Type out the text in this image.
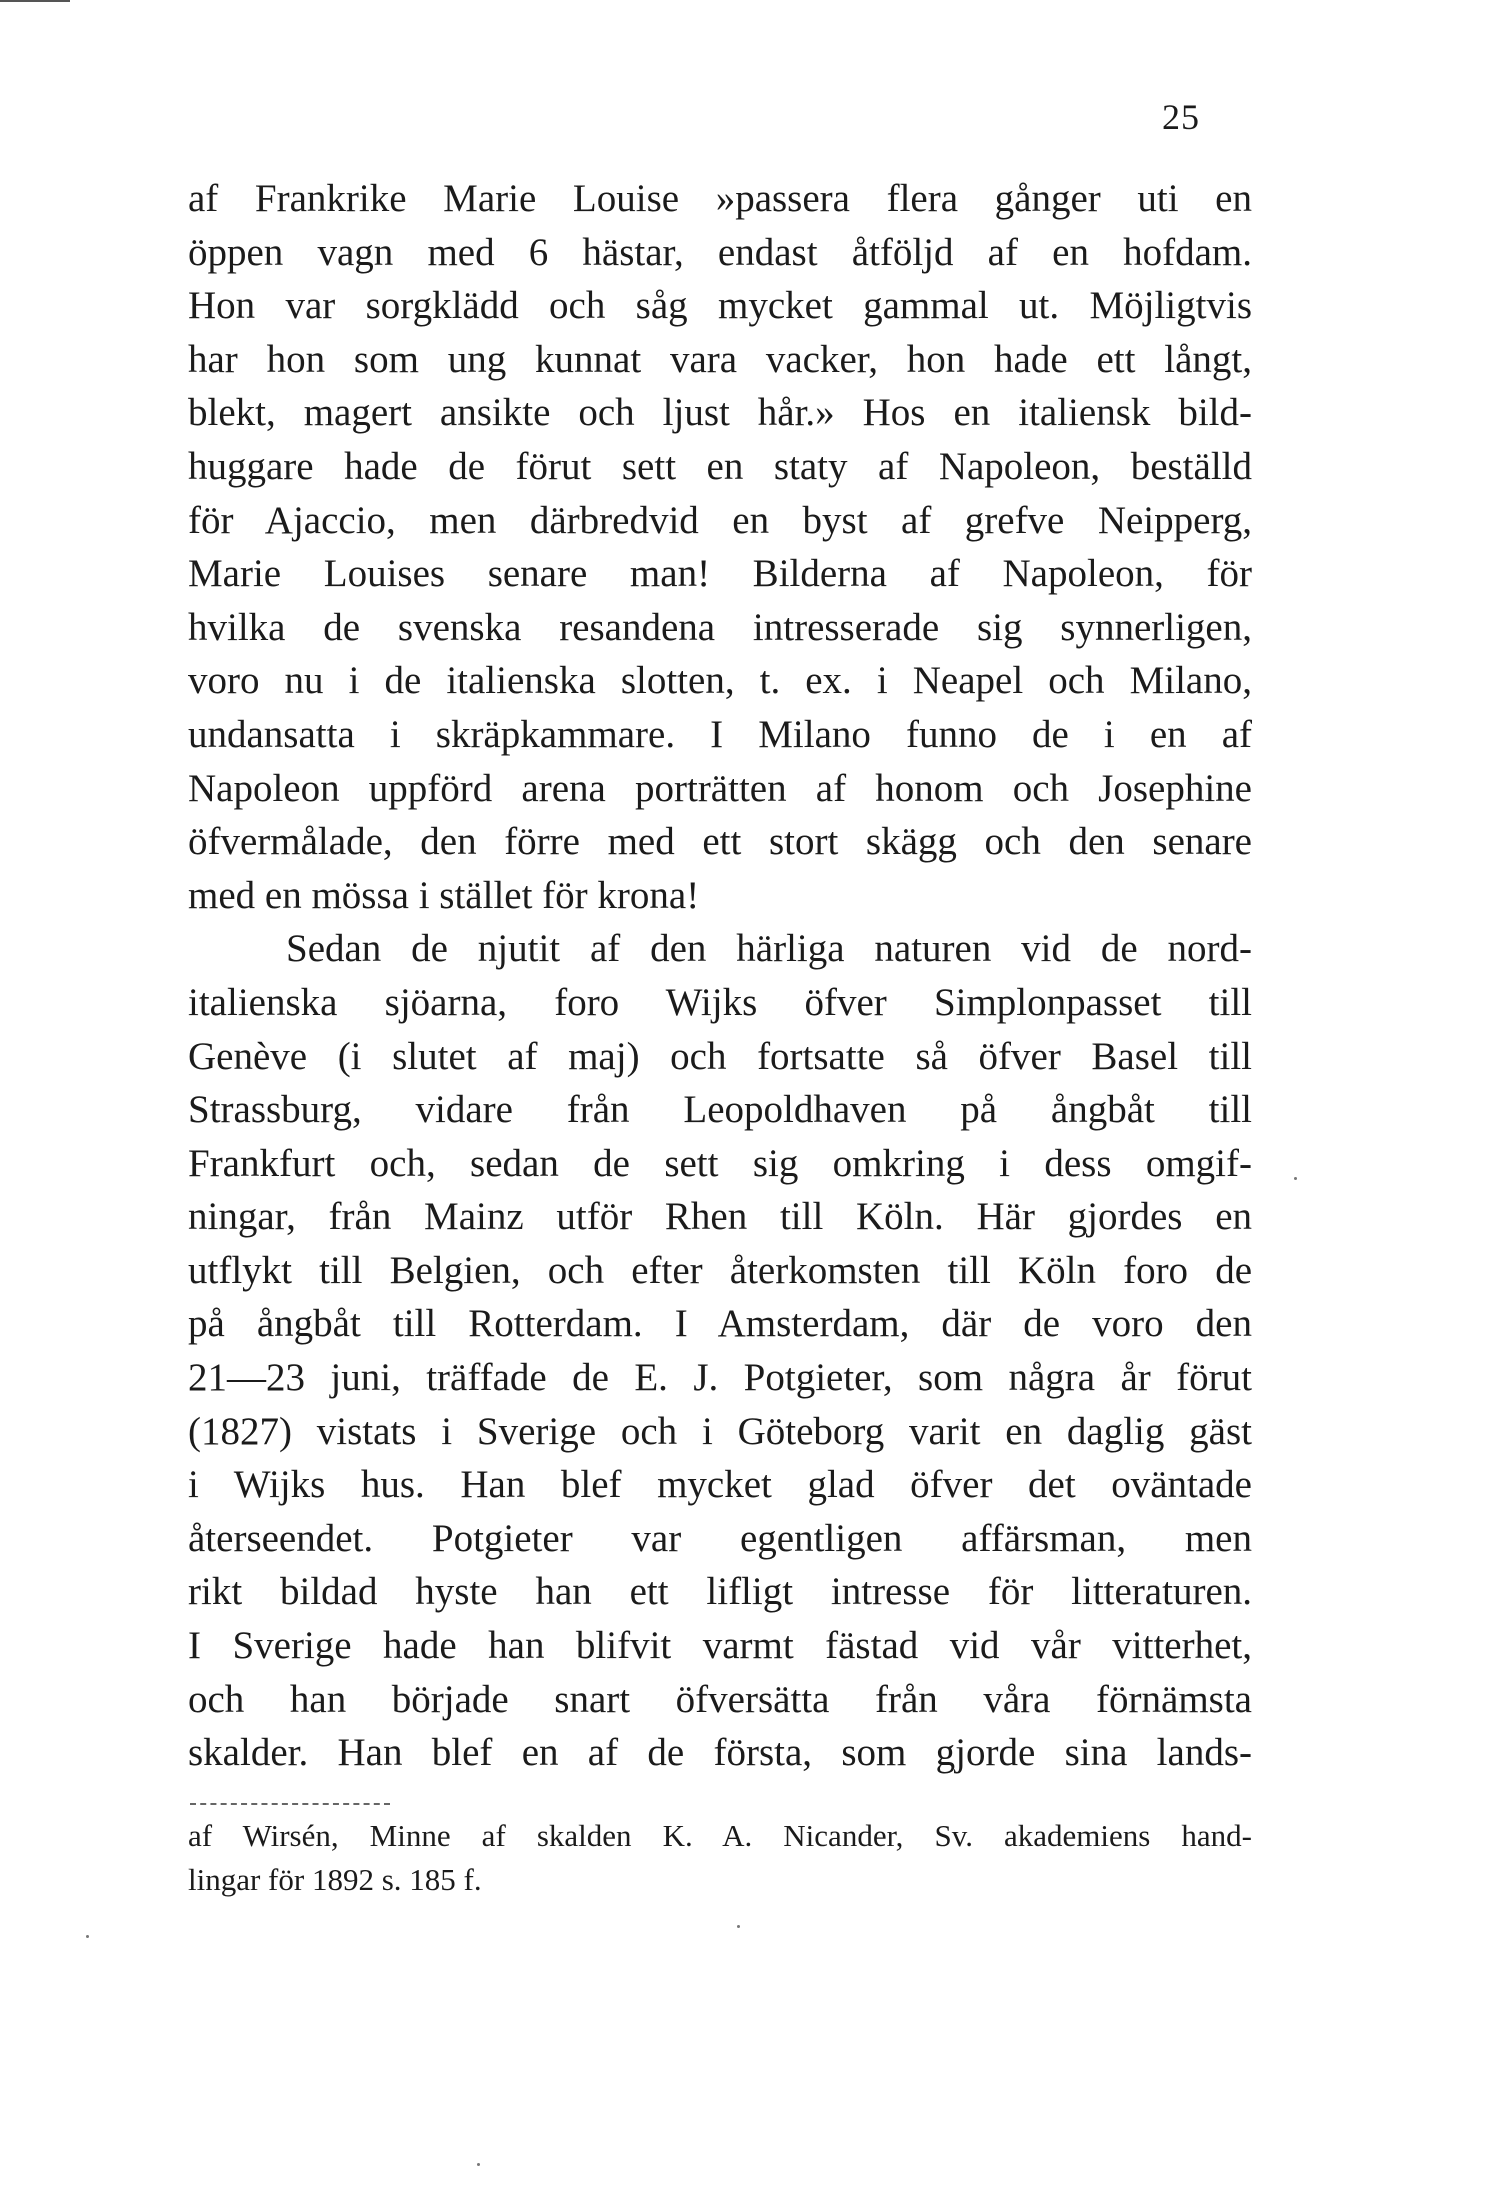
25
af Frankrike Marie Louise »passera flera gånger uti en
öppen vagn med 6 hästar, endast åtföljd af en hofdam.
Hon var sorgklädd och såg mycket gammal ut. Möjligtvis
har hon som ung kunnat vara vacker, hon hade ett långt,
blekt, magert ansikte och ljust hår.» Hos en italiensk bild-
huggare hade de förut sett en staty af Napoleon, beställd
för Ajaccio, men därbredvid en byst af grefve Neipperg,
Marie Louises senare man! Bilderna af Napoleon, för
hvilka de svenska resandena intresserade sig synnerligen,
voro nu i de italienska slotten, t. ex. i Neapel och Milano,
undansatta i skräpkammare. I Milano funno de i en af
Napoleon uppförd arena porträtten af honom och Josephine
öfvermålade, den förre med ett stort skägg och den senare
med en mössa i stället för krona!
Sedan de njutit af den härliga naturen vid de nord-
italienska sjöarna, foro Wijks öfver Simplonpasset till
Genève (i slutet af maj) och fortsatte så öfver Basel till
Strassburg, vidare från Leopoldhaven på ångbåt till
Frankfurt och, sedan de sett sig omkring i dess omgif-
ningar, från Mainz utför Rhen till Köln. Här gjordes en
utflykt till Belgien, och efter återkomsten till Köln foro de
på ångbåt till Rotterdam. I Amsterdam, där de voro den
21—23 juni, träffade de E. J. Potgieter, som några år förut
(1827) vistats i Sverige och i Göteborg varit en daglig gäst
i Wijks hus. Han blef mycket glad öfver det oväntade
återseendet. Potgieter var egentligen affärsman, men
rikt bildad hyste han ett lifligt intresse för litteraturen.
I Sverige hade han blifvit varmt fästad vid vår vitterhet,
och han började snart öfversätta från våra förnämsta
skalder. Han blef en af de första, som gjorde sina lands-
af Wirsén, Minne af skalden K. A. Nicander, Sv. akademiens hand-
lingar för 1892 s. 185 f.
